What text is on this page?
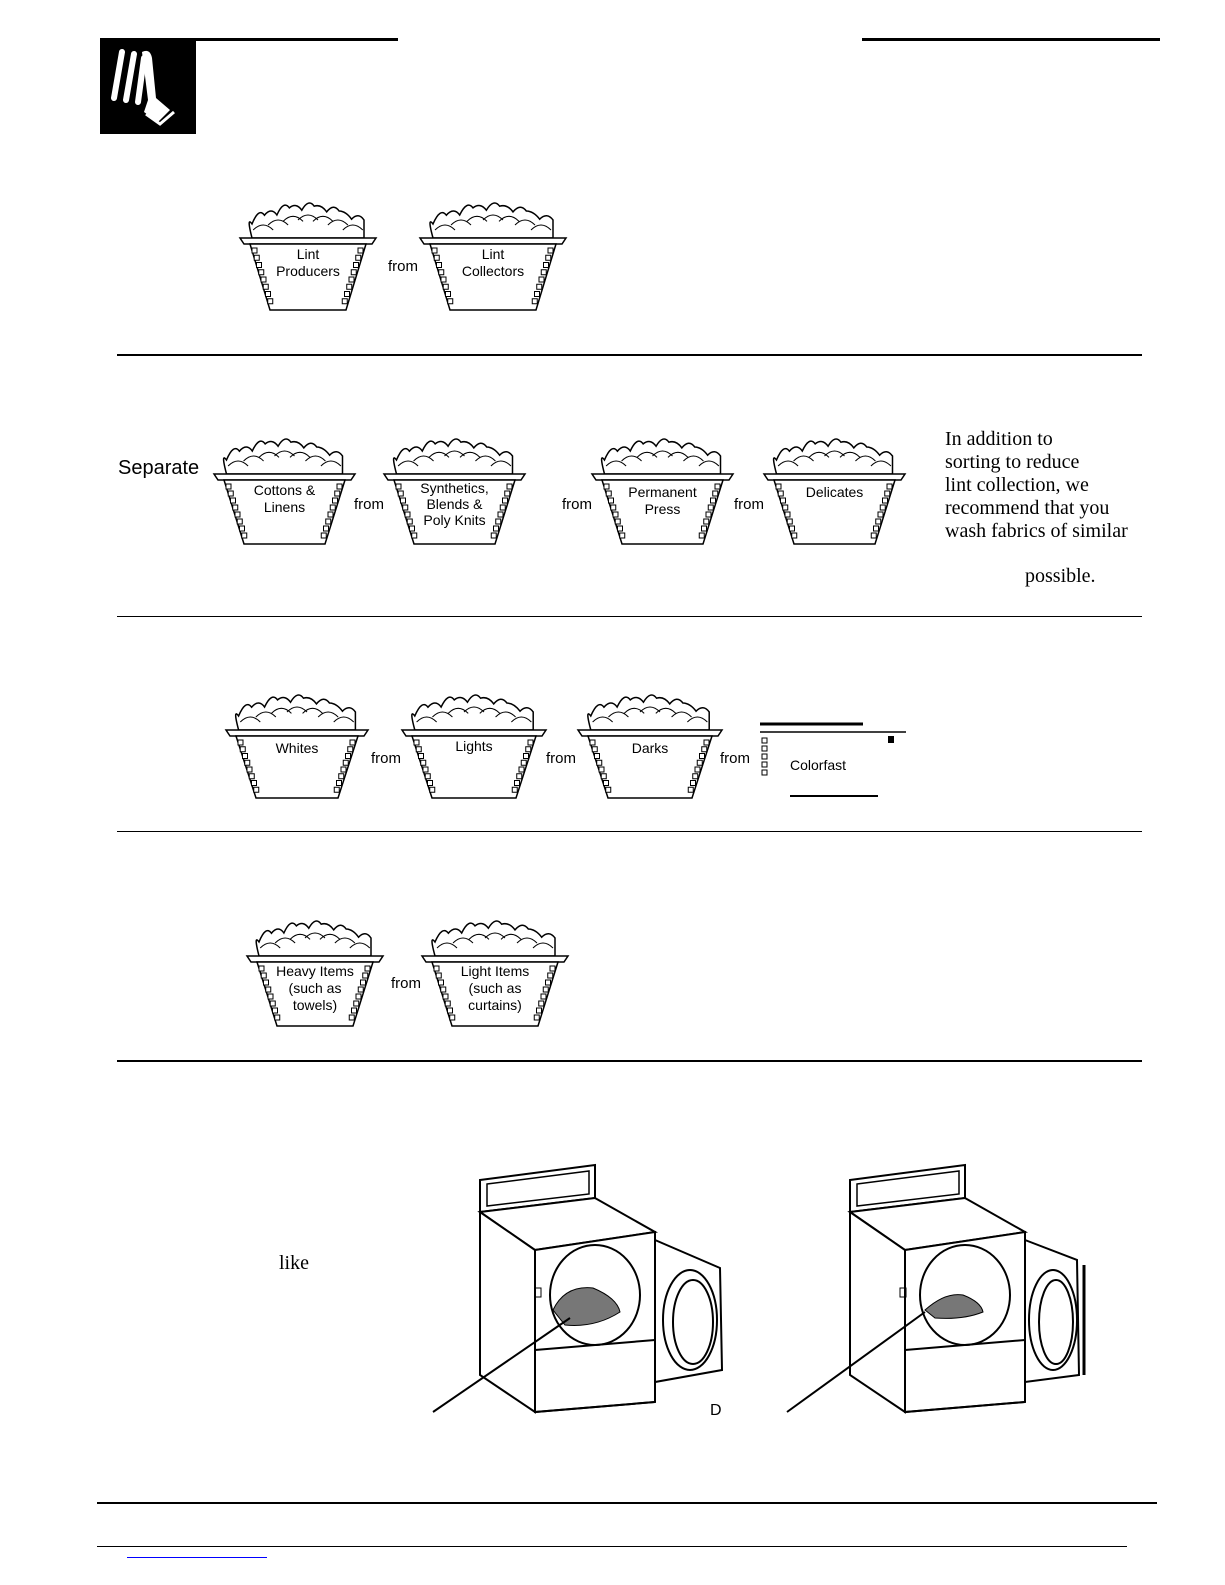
Lint
Producers	from
Lint
Collectors
Separate
Cottons &
Linens	from
Synthetics,
Blends &
Poly Knits
from
Permanent
Press	from
Delicates
In addition to
sorting to reduce
lint collection, we
recommend that you
wash fabrics of similar
possible.
Whites
from
Lights
from
Darks
from	Colorfast
Heavy Items
(such as
towels)
from
Light Items
(such as
curtains)
like
D
